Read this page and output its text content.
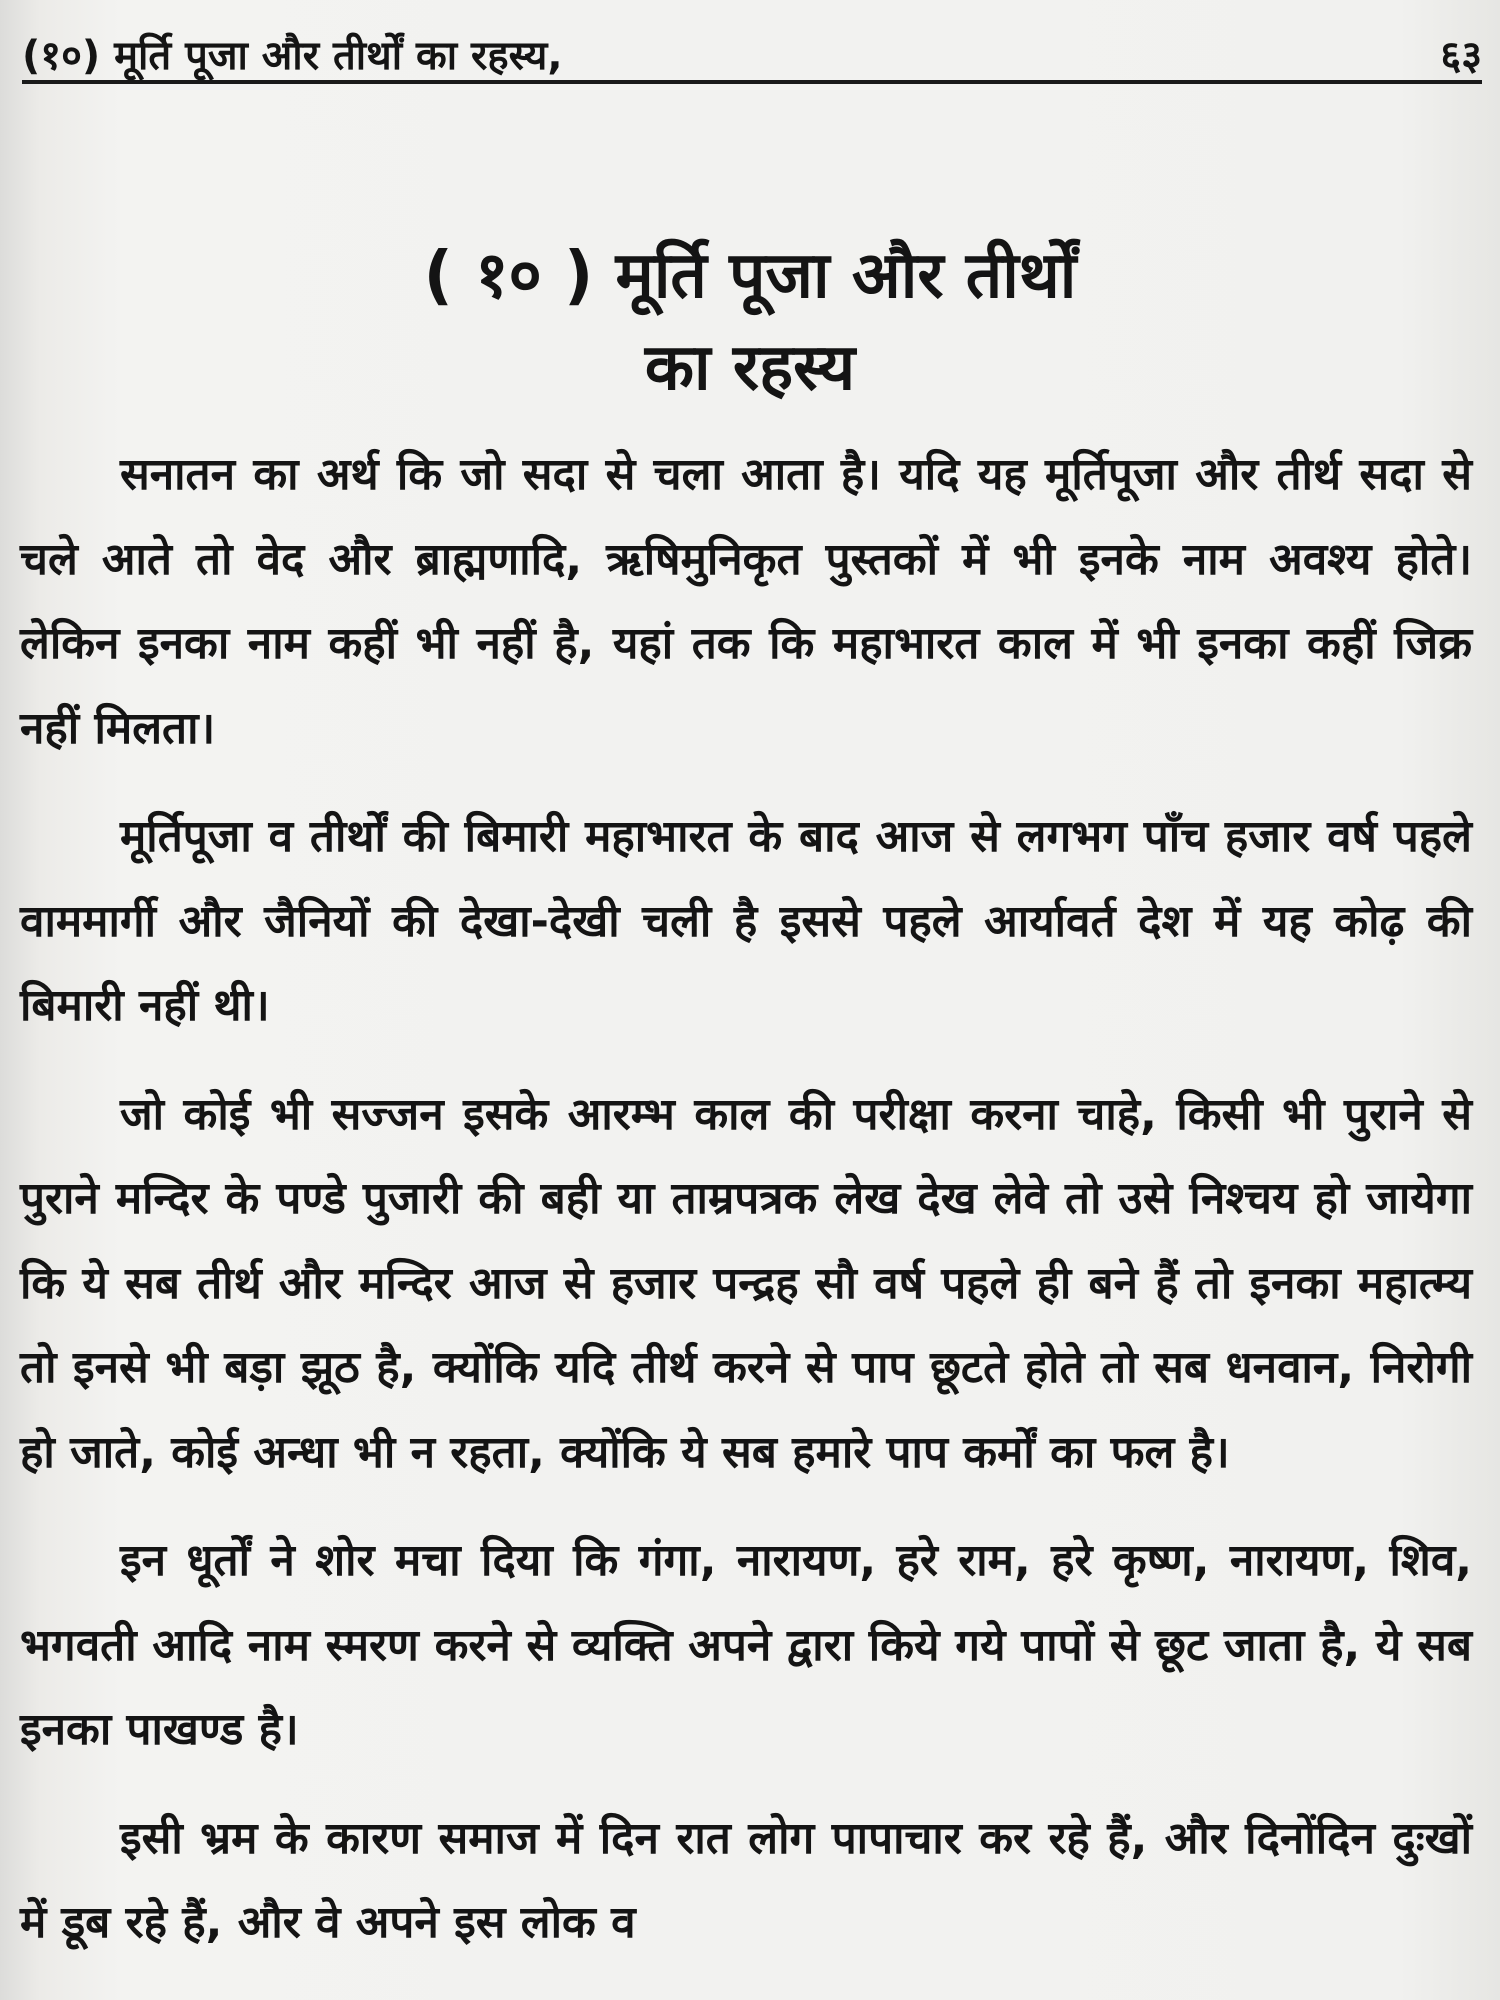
(१०) मूर्ति पूजा और तीर्थों का रहस्य,	६३
( १० ) मूर्ति पूजा और तीर्थों
का रहस्य

सनातन का अर्थ कि जो सदा से चला आता है। यदि यह मूर्तिपूजा और तीर्थ सदा से चले आते तो वेद और ब्राह्मणादि, ऋषिमुनिकृत पुस्तकों में भी इनके नाम अवश्य होते। लेकिन इनका नाम कहीं भी नहीं है, यहां तक कि महाभारत काल में भी इनका कहीं जिक्र नहीं मिलता।

मूर्तिपूजा व तीर्थों की बिमारी महाभारत के बाद आज से लगभग पाँच हजार वर्ष पहले वाममार्गी और जैनियों की देखा-देखी चली है इससे पहले आर्यावर्त देश में यह कोढ़ की बिमारी नहीं थी।

जो कोई भी सज्जन इसके आरम्भ काल की परीक्षा करना चाहे, किसी भी पुराने से पुराने मन्दिर के पण्डे पुजारी की बही या ताम्रपत्रक लेख देख लेवे तो उसे निश्चय हो जायेगा कि ये सब तीर्थ और मन्दिर आज से हजार पन्द्रह सौ वर्ष पहले ही बने हैं तो इनका महात्म्य तो इनसे भी बड़ा झूठ है, क्योंकि यदि तीर्थ करने से पाप छूटते होते तो सब धनवान, निरोगी हो जाते, कोई अन्धा भी न रहता, क्योंकि ये सब हमारे पाप कर्मों का फल है।

इन धूर्तों ने शोर मचा दिया कि गंगा, नारायण, हरे राम, हरे कृष्ण, नारायण, शिव, भगवती आदि नाम स्मरण करने से व्यक्ति अपने द्वारा किये गये पापों से छूट जाता है, ये सब इनका पाखण्ड है।

इसी भ्रम के कारण समाज में दिन रात लोग पापाचार कर रहे हैं, और दिनोंदिन दुःखों में डूब रहे हैं, और वे अपने इस लोक व
